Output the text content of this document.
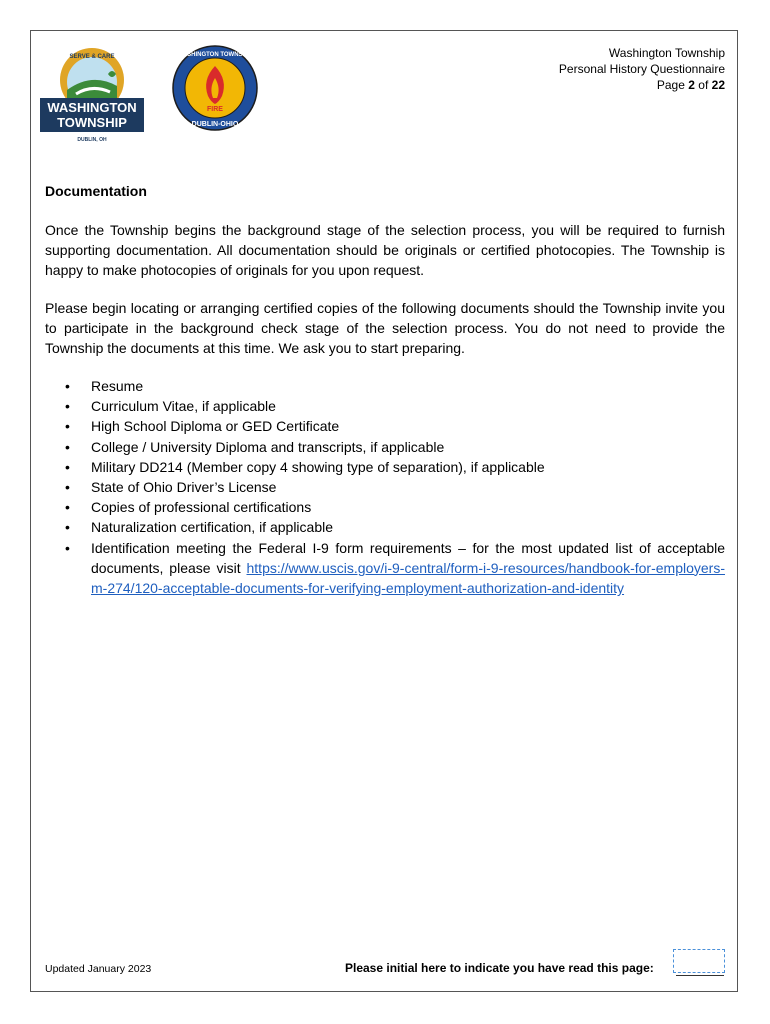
SERVE & CARE
WASHINGTON
TOWNSHIP
DUBLIN, OH
FIRE
WASHINGTON TOWNSHIP
DUBLIN-OHIO
Washington Township
Personal History Questionnaire
Page 2 of 22
Documentation

Once the Township begins the background stage of the selection process, you will be required to furnish supporting documentation. All documentation should be originals or certified photocopies. The Township is happy to make photocopies of originals for you upon request.

Please begin locating or arranging certified copies of the following documents should the Township invite you to participate in the background check stage of the selection process. You do not need to provide the Township the documents at this time. We ask you to start preparing.

• Resume
• Curriculum Vitae, if applicable
• High School Diploma or GED Certificate
• College / University Diploma and transcripts, if applicable
• Military DD214 (Member copy 4 showing type of separation), if applicable
• State of Ohio Driver’s License
• Copies of professional certifications
• Naturalization certification, if applicable
• Identification meeting the Federal I-9 form requirements – for the most updated list of acceptable documents, please visit https://www.uscis.gov/i-9-central/form-i-9-resources/handbook-for-employers-m-274/120-acceptable-documents-for-verifying-employment-authorization-and-identity
Updated January 2023	Please initial here to indicate you have read this page:
